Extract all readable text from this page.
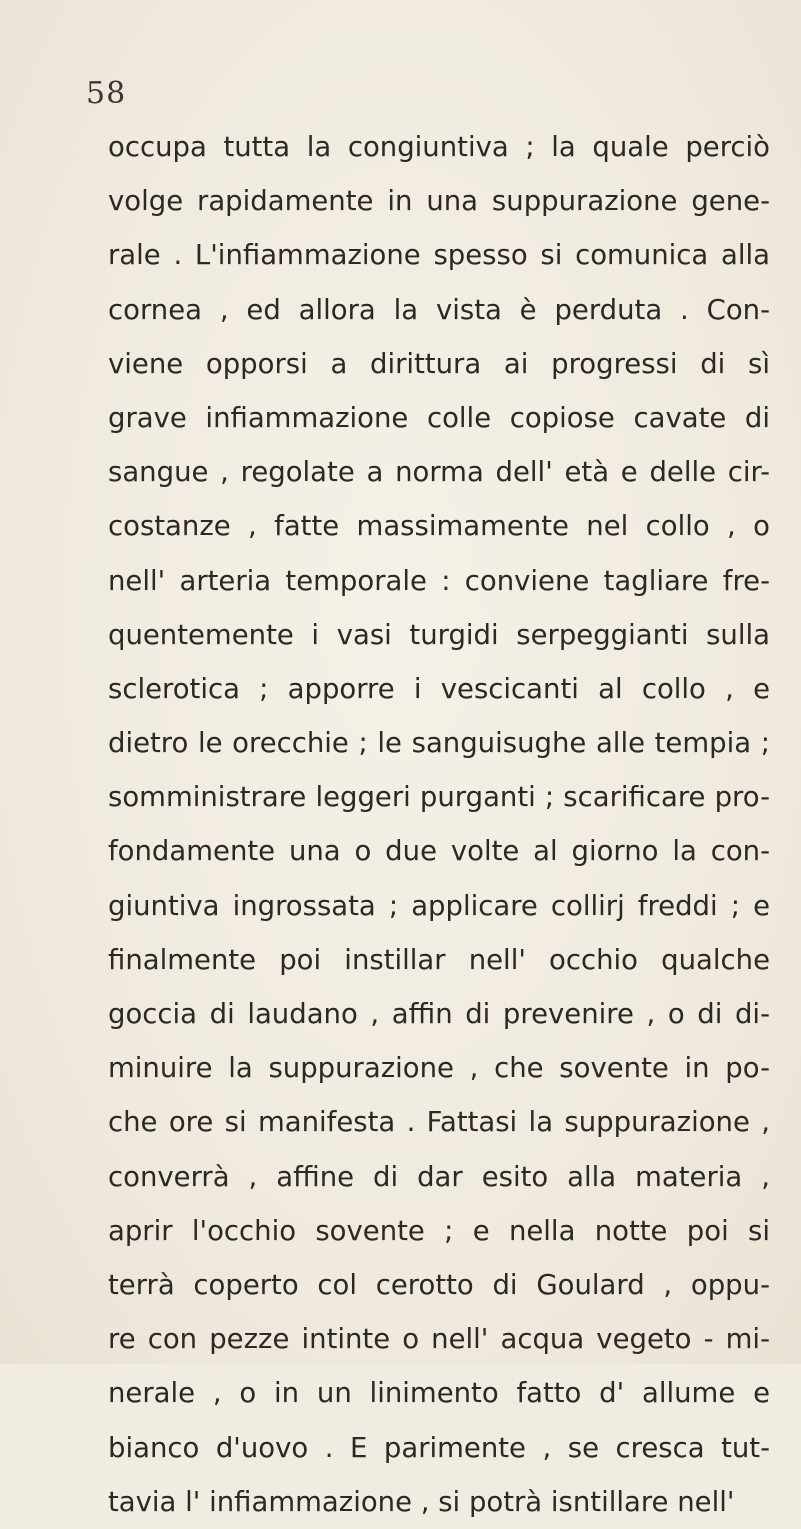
58
occupa tutta la congiuntiva ; la quale perciò
volge rapidamente in una suppurazione gene-
rale . L'infiammazione spesso si comunica alla
cornea , ed allora la vista è perduta . Con-
viene opporsi a dirittura ai progressi di sì
grave infiammazione colle copiose cavate di
sangue , regolate a norma dell' età e delle cir-
costanze , fatte massimamente nel collo , o
nell' arteria temporale : conviene tagliare fre-
quentemente i vasi turgidi serpeggianti sulla
sclerotica ; apporre i vescicanti al collo , e
dietro le orecchie ; le sanguisughe alle tempia ;
somministrare leggeri purganti ; scarificare pro-
fondamente una o due volte al giorno la con-
giuntiva ingrossata ; applicare collirj freddi ; e
finalmente poi instillar nell' occhio qualche
goccia di laudano , affin di prevenire , o di di-
minuire la suppurazione , che sovente in po-
che ore si manifesta . Fattasi la suppurazione ,
converrà , affine di dar esito alla materia ,
aprir l'occhio sovente ; e nella notte poi si
terrà coperto col cerotto di Goulard , oppu-
re con pezze intinte o nell' acqua vegeto - mi-
nerale , o in un linimento fatto d' allume e
bianco d'uovo . E parimente , se cresca tut-
tavia l' infiammazione , si potrà isntillare nell'
